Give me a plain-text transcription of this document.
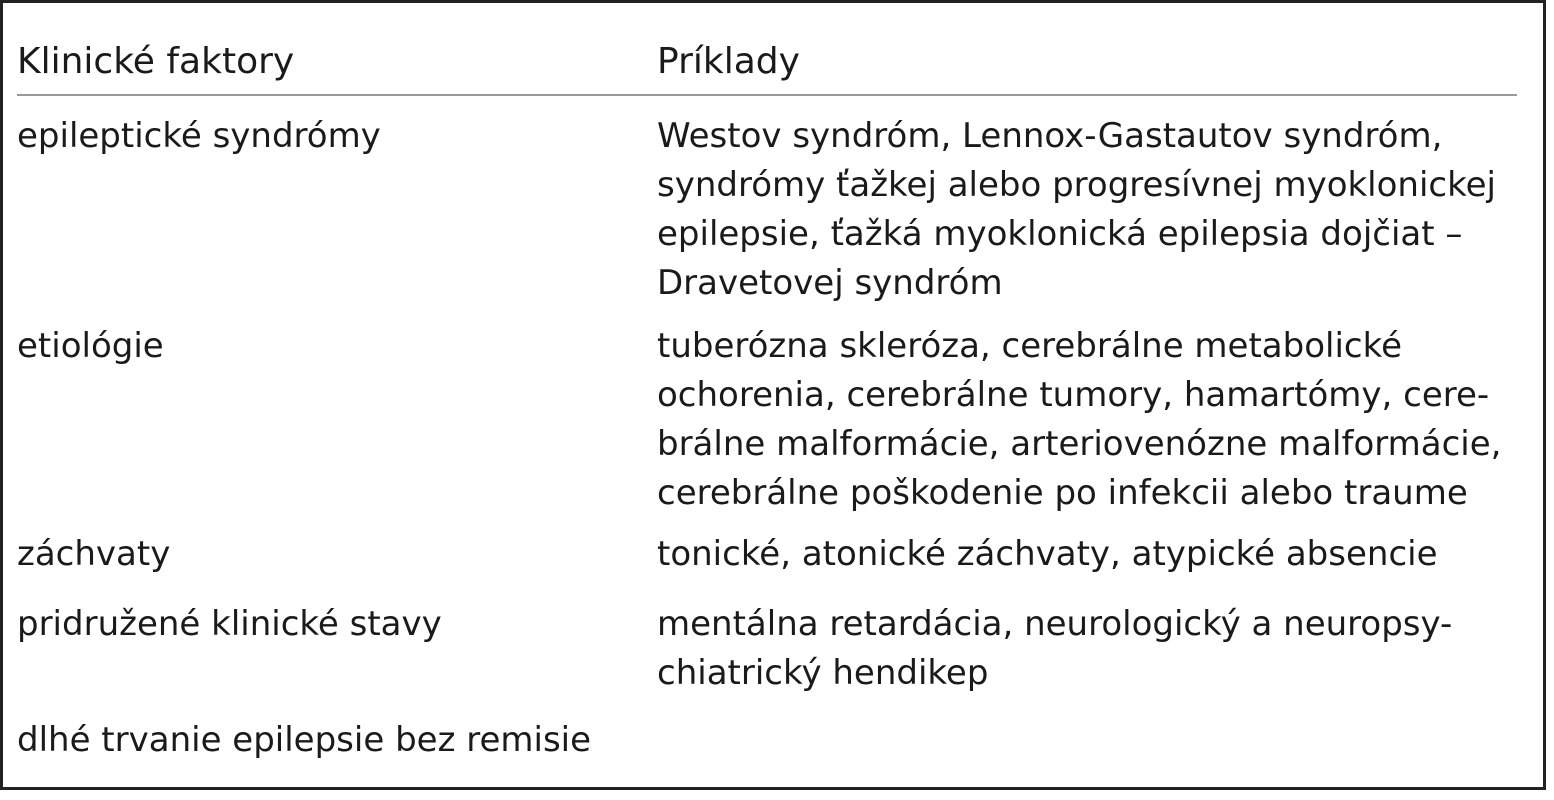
Klinické faktory	Príklady
epileptické syndrómy	Westov syndróm, Lennox-Gastautov syndróm,
syndrómy ťažkej alebo progresívnej myoklonickej
epilepsie, ťažká myoklonická epilepsia dojčiat –
Dravetovej syndróm
etiológie	tuberózna skleróza, cerebrálne metabolické
ochorenia, cerebrálne tumory, hamartómy, cere-
brálne malformácie, arteriovenózne malformácie,
cerebrálne poškodenie po infekcii alebo traume
záchvaty	tonické, atonické záchvaty, atypické absencie
pridružené klinické stavy	mentálna retardácia, neurologický a neuropsy-
chiatrický hendikep
dlhé trvanie epilepsie bez remisie
